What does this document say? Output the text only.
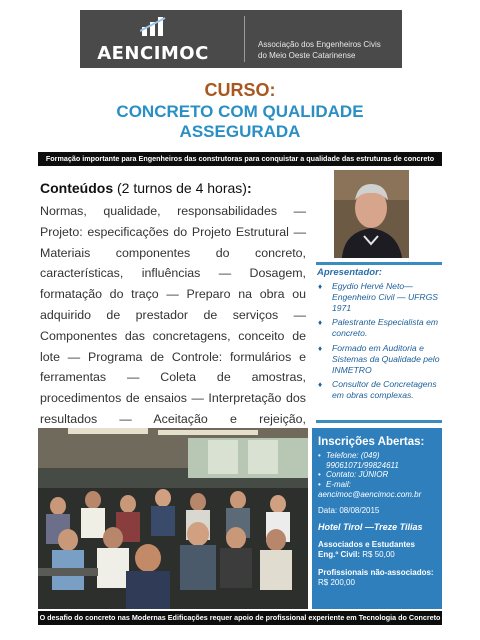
AENCIMOC	Associação dos Engenheiros Civis
do Meio Oeste Catarinense
CURSO:
CONCRETO COM QUALIDADE
ASSEGURADA
Formação importante para Engenheiros das construtoras para conquistar a qualidade das estruturas de concreto
Conteúdos (2 turnos de 4 horas):
Normas, qualidade, responsabilidades — Projeto: especificações do Projeto Estrutural — Materiais componentes do concreto, características, influências — Dosagem, formatação do traço — Preparo na obra ou adquirido de prestador de serviços — Componentes das concretagens, conceito de lote — Programa de Controle: formulários e ferramentas — Coleta de amostras, procedimentos de ensaios — Interpretação dos resultados — Aceitação e rejeição,
Apresentador:
♦ Egydio Hervé Neto— Engenheiro Civil — UFRGS 1971
♦ Palestrante Especialista em concreto.
♦ Formado em Auditoria e Sistemas da Qualidade pelo INMETRO
♦ Consultor de Concretagens em obras complexas.
Inscrições Abertas:
• Telefone: (049) 99061071/99824611
• Contato: JÚNIOR
• E-mail:
aencimoc@aencimoc.com.br
Data: 08/08/2015
Hotel Tirol —Treze Tilias
Associados e Estudantes Eng.º Civil: R$ 50,00
Profissionais não-associados: R$ 200,00
O desafio do concreto nas Modernas Edificações requer apoio de profissional experiente em Tecnologia do Concreto
